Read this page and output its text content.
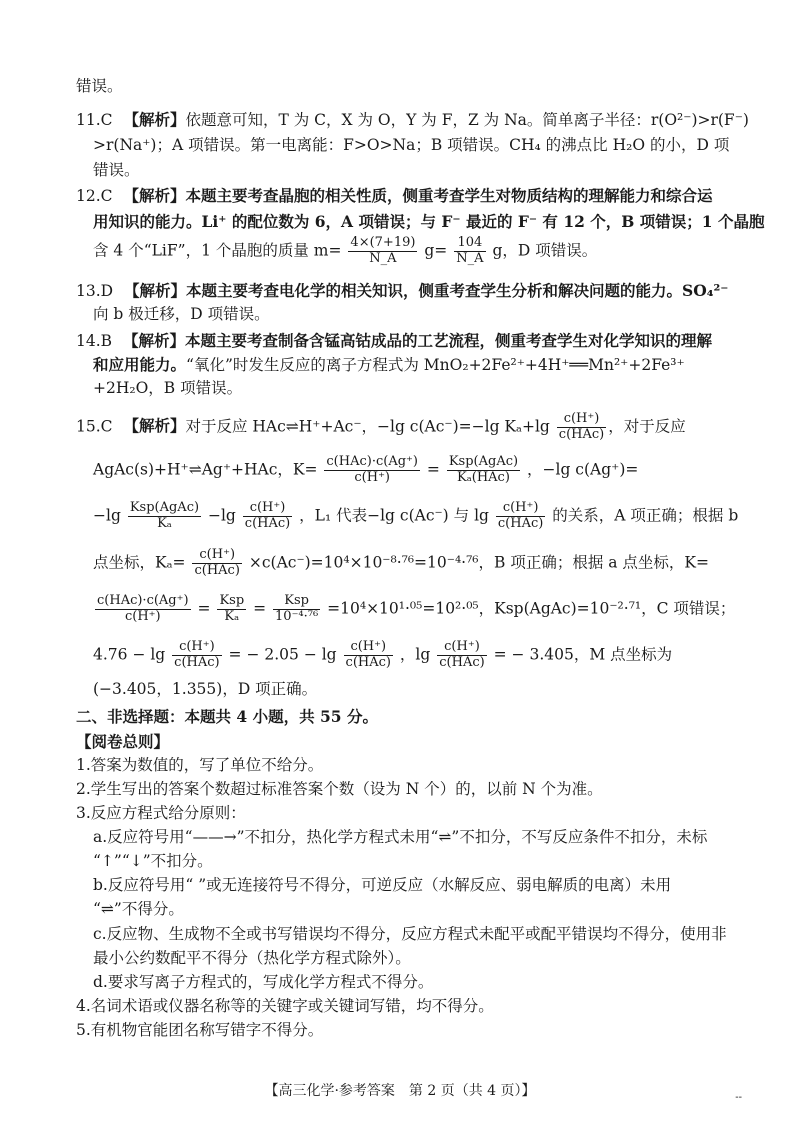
错误。
11.C 【解析】依题意可知，T 为 C，X 为 O，Y 为 F，Z 为 Na。简单离子半径：r(O²⁻)>r(F⁻)
>r(Na⁺)；A 项错误。第一电离能：F>O>Na；B 项错误。CH₄ 的沸点比 H₂O 的小，D 项
错误。
12.C 【解析】本题主要考查晶胞的相关性质，侧重考查学生对物质结构的理解能力和综合运
用知识的能力。Li⁺ 的配位数为 6，A 项错误；与 F⁻ 最近的 F⁻ 有 12 个，B 项错误；1 个晶胞
含 4 个“LiF”，1 个晶胞的质量 $m= \frac{4\times(7+19)}{N\_A} g= \frac{104}{N\_A}$ g，D 项错误。
13.D 【解析】本题主要考查电化学的相关知识，侧重考查学生分析和解决问题的能力。SO₄²⁻
向 b 极迁移，D 项错误。
14.B 【解析】本题主要考查制备含锰高钴成品的工艺流程，侧重考查学生对化学知识的理解
和应用能力。“氧化”时发生反应的离子方程式为 MnO₂+2Fe²⁺+4H⁺══Mn²⁺+2Fe³⁺
+2H₂O，B 项错误。
15.C 【解析】对于反应 HAc⇌H⁺+Ac⁻，−lg c(Ac⁻)=−lg $K_a+\lg \frac{c(H^+)}{\text{c(HAc)}}$ ，对于反应
AgAc(s)+H⁺⇌Ag⁺+HAc，$K= \frac{\text{c(HAc)·c(Ag⁺)}}{c(H^+)} = \frac{\text{Ksp(AgAc)}}{\text{Kₐ(HAc)}}$ ，−lg c(Ag⁺)=
$-\lg \frac{\text{Ksp(AgAc)}}{\text{Kₐ}} -\lg \frac{c(H^+)}{\text{c(HAc)}}$ ，L₁ 代表−lg c(Ac⁻) 与 $\lg \frac{c(H^+)}{\text{c(HAc)}}$ 的关系，A 项正确；根据 b
点坐标，$K_a= \frac{c(H^+)}{\text{c(HAc)}} \times c(Ac^-)=10^4\times 10^{-8}\cdot^{76}=10^{-4}\cdot^{76}$，B 项正确；根据 a 点坐标，K=
$\frac{\text{c(HAc)·c(Ag⁺)}}{c(H^+)} = \frac{\text{Ksp}}{\text{Kₐ}} = \frac{\text{Ksp}}{\text{10⁻⁴·⁷⁶}} =10^4\times 10^1\cdot^{05}=10^2\cdot^{05}$，Ksp(AgAc)=10⁻²·⁷¹，C 项错误；
$4.76 - \lg \frac{c(H^+)}{\text{c(HAc)}}$ = − $2.05 - \lg \frac{c(H^+)}{\text{c(HAc)}}$ ，$\lg \frac{c(H^+)}{\text{c(HAc)}}$ = − 3.405，M 点坐标为
(−3.405，1.355)，D 项正确。
二、非选择题：本题共 4 小题，共 55 分。
【阅卷总则】
1.答案为数值的，写了单位不给分。
2.学生写出的答案个数超过标准答案个数（设为 N 个）的，以前 N 个为准。
3.反应方程式给分原则：
a.反应符号用“——→”不扣分，热化学方程式未用“⇌”不扣分，不写反应条件不扣分，未标
“↑”“↓”不扣分。
b.反应符号用“ ”或无连接符号不得分，可逆反应（水解反应、弱电解质的电离）未用
“⇌”不得分。
c.反应物、生成物不全或书写错误均不得分，反应方程式未配平或配平错误均不得分，使用非
最小公约数配平不得分（热化学方程式除外）。
d.要求写离子方程式的，写成化学方程式不得分。
4.名词术语或仪器名称等的关键字或关键词写错，均不得分。
5.有机物官能团名称写错字不得分。
【高三化学·参考答案　第 2 页（共 4 页）】	--
